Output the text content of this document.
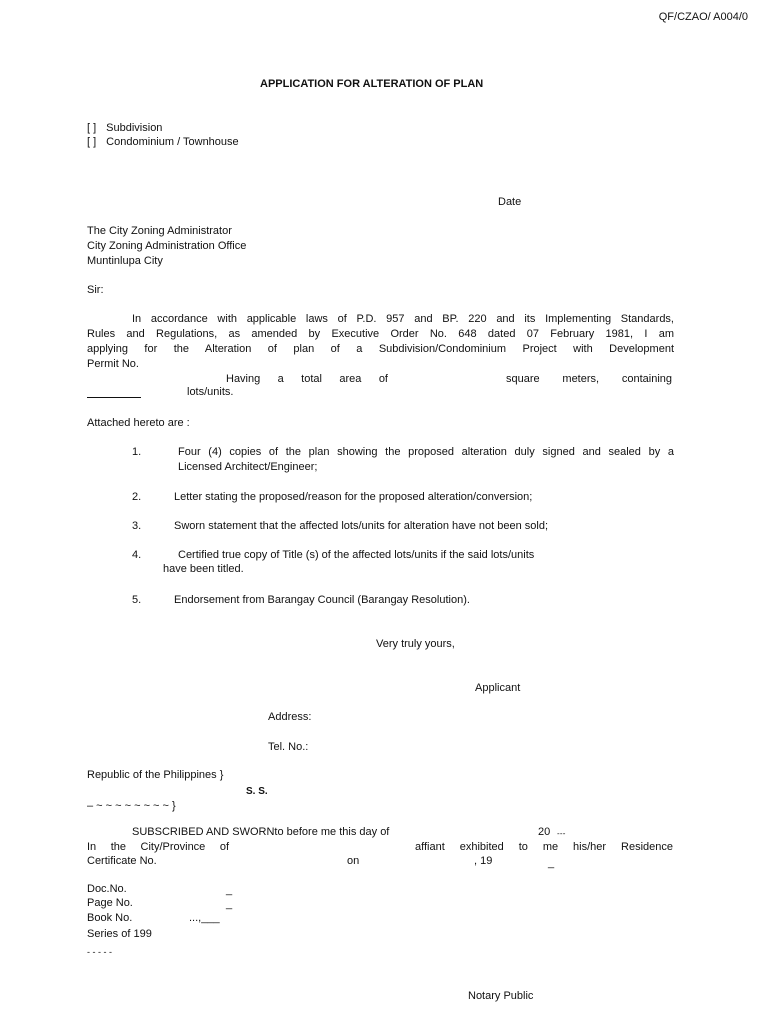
QF/CZAO/ A004/0
APPLICATION FOR ALTERATION OF PLAN
[ ] Subdivision
[ ] Condominium / Townhouse
Date
The City Zoning Administrator
City Zoning Administration Office
Muntinlupa City
Sir:
In accordance with applicable laws of P.D. 957 and BP. 220 and its Implementing Standards,
Rules and Regulations, as amended by Executive Order No. 648 dated 07 February 1981, I am
applying for the Alteration of plan of a Subdivision/Condominium Project with Development
Permit No.
Having a total area of	square meters, containing
lots/units.
Attached hereto are :
1.	Four (4) copies of the plan showing the proposed alteration duly signed and sealed by a
Licensed Architect/Engineer;
2.	Letter stating the proposed/reason for the proposed alteration/conversion;
3.	Sworn statement that the affected lots/units for alteration have not been sold;
4.	Certified true copy of Title (s) of the affected lots/units if the said lots/units
have been titled.
5.	Endorsement from Barangay Council (Barangay Resolution).
Very truly yours,
Applicant
Address:
Tel. No.:
Republic of the Philippines }
S. S.
– ~ ~ ~ ~ ~ ~ ~ ~ }
SUBSCRIBED AND SWORNto before me this day of	20 - - -
In the City/Province of	affiant exhibited to me his/her Residence
Certificate No.	on	, 19	_
Doc.No.	_
Page No.	_
Book No.	...,___
Series of 199
- - - - -
Notary Public
